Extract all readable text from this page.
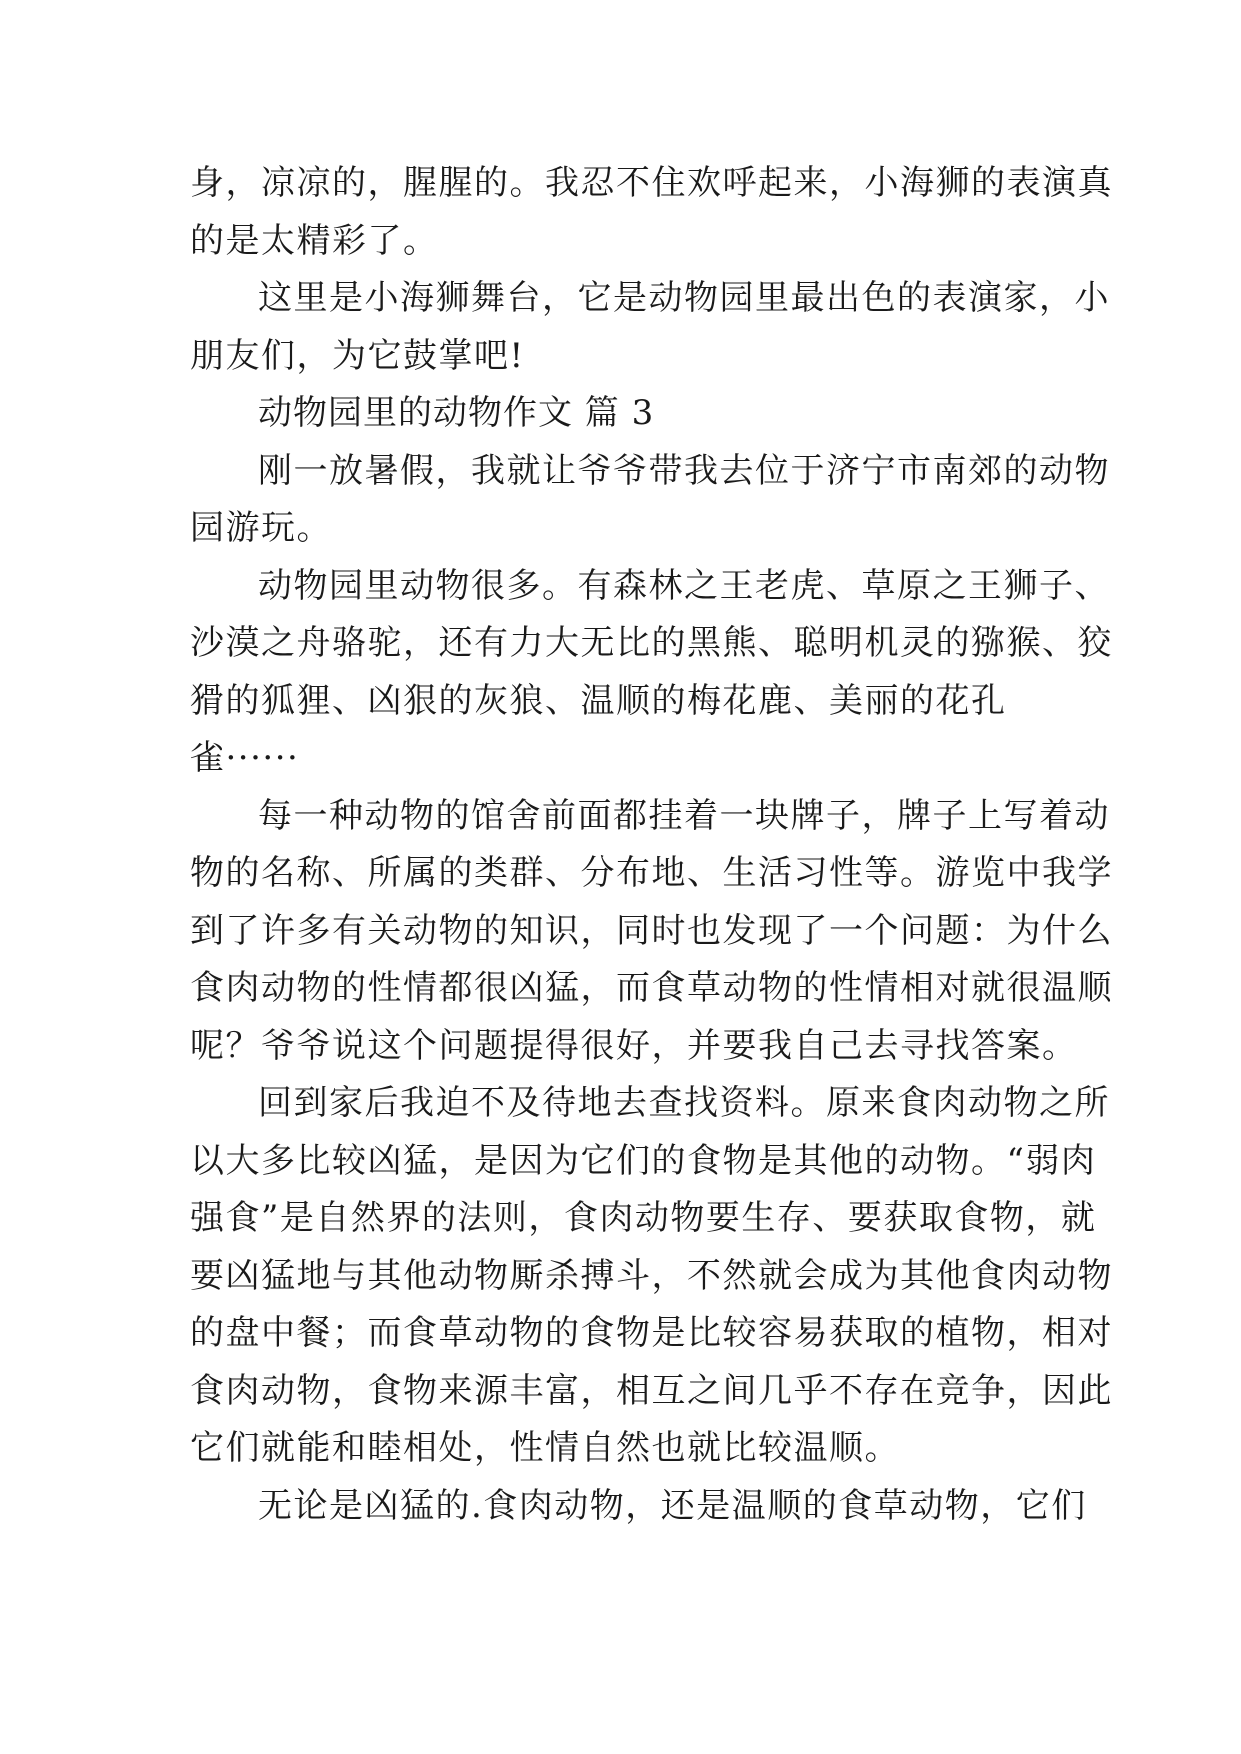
身，凉凉的，腥腥的。我忍不住欢呼起来，小海狮的表演真
的是太精彩了。
这里是小海狮舞台，它是动物园里最出色的表演家，小
朋友们，为它鼓掌吧!
动物园里的动物作文 篇 3
刚一放暑假，我就让爷爷带我去位于济宁市南郊的动物
园游玩。
动物园里动物很多。有森林之王老虎、草原之王狮子、
沙漠之舟骆驼，还有力大无比的黑熊、聪明机灵的猕猴、狡
猾的狐狸、凶狠的灰狼、温顺的梅花鹿、美丽的花孔
雀······
每一种动物的馆舍前面都挂着一块牌子，牌子上写着动
物的名称、所属的类群、分布地、生活习性等。游览中我学
到了许多有关动物的知识，同时也发现了一个问题：为什么
食肉动物的性情都很凶猛，而食草动物的性情相对就很温顺
呢？爷爷说这个问题提得很好，并要我自己去寻找答案。
回到家后我迫不及待地去查找资料。原来食肉动物之所
以大多比较凶猛，是因为它们的食物是其他的动物。“弱肉
强食”是自然界的法则，食肉动物要生存、要获取食物，就
要凶猛地与其他动物厮杀搏斗，不然就会成为其他食肉动物
的盘中餐；而食草动物的食物是比较容易获取的植物，相对
食肉动物，食物来源丰富，相互之间几乎不存在竞争，因此
它们就能和睦相处，性情自然也就比较温顺。
无论是凶猛的.食肉动物，还是温顺的食草动物，它们
